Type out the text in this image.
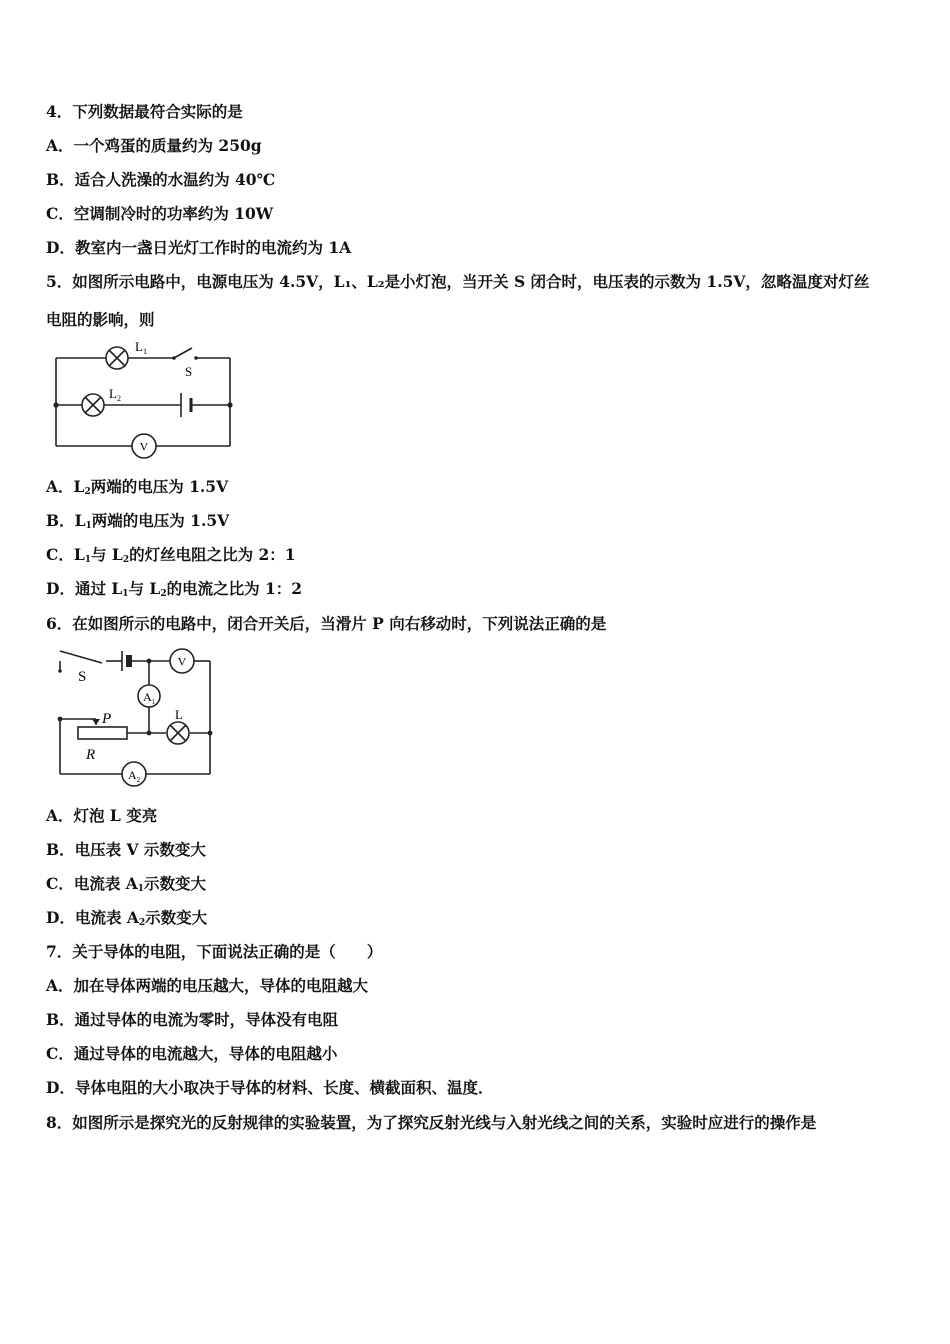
4．下列数据最符合实际的是
A．一个鸡蛋的质量约为 250g
B．适合人洗澡的水温约为 40℃
C．空调制冷时的功率约为 10W
D．教室内一盏日光灯工作时的电流约为 1A
5．如图所示电路中，电源电压为 4.5V，L₁、L₂是小灯泡，当开关 S 闭合时，电压表的示数为 1.5V，忽略温度对灯丝
电阻的影响，则
$L_1$
$L_2$
S
V
A．$L_2$两端的电压为 1.5V
B．$L_1$两端的电压为 1.5V
C．$L_1$与 $L_2$的灯丝电阻之比为 2：1
D．通过 $L_1$与 $L_2$的电流之比为 1：2
6．在如图所示的电路中，闭合开关后，当滑片 P 向右移动时，下列说法正确的是
S
V
$A_1$
$A_2$
P
R
L
A．灯泡 L 变亮
B．电压表 V 示数变大
C．电流表 $A_1$示数变大
D．电流表 $A_2$示数变大
7．关于导体的电阻，下面说法正确的是（　　）
A．加在导体两端的电压越大，导体的电阻越大
B．通过导体的电流为零时，导体没有电阻
C．通过导体的电流越大，导体的电阻越小
D．导体电阻的大小取决于导体的材料、长度、横截面积、温度．
8．如图所示是探究光的反射规律的实验装置，为了探究反射光线与入射光线之间的关系，实验时应进行的操作是
